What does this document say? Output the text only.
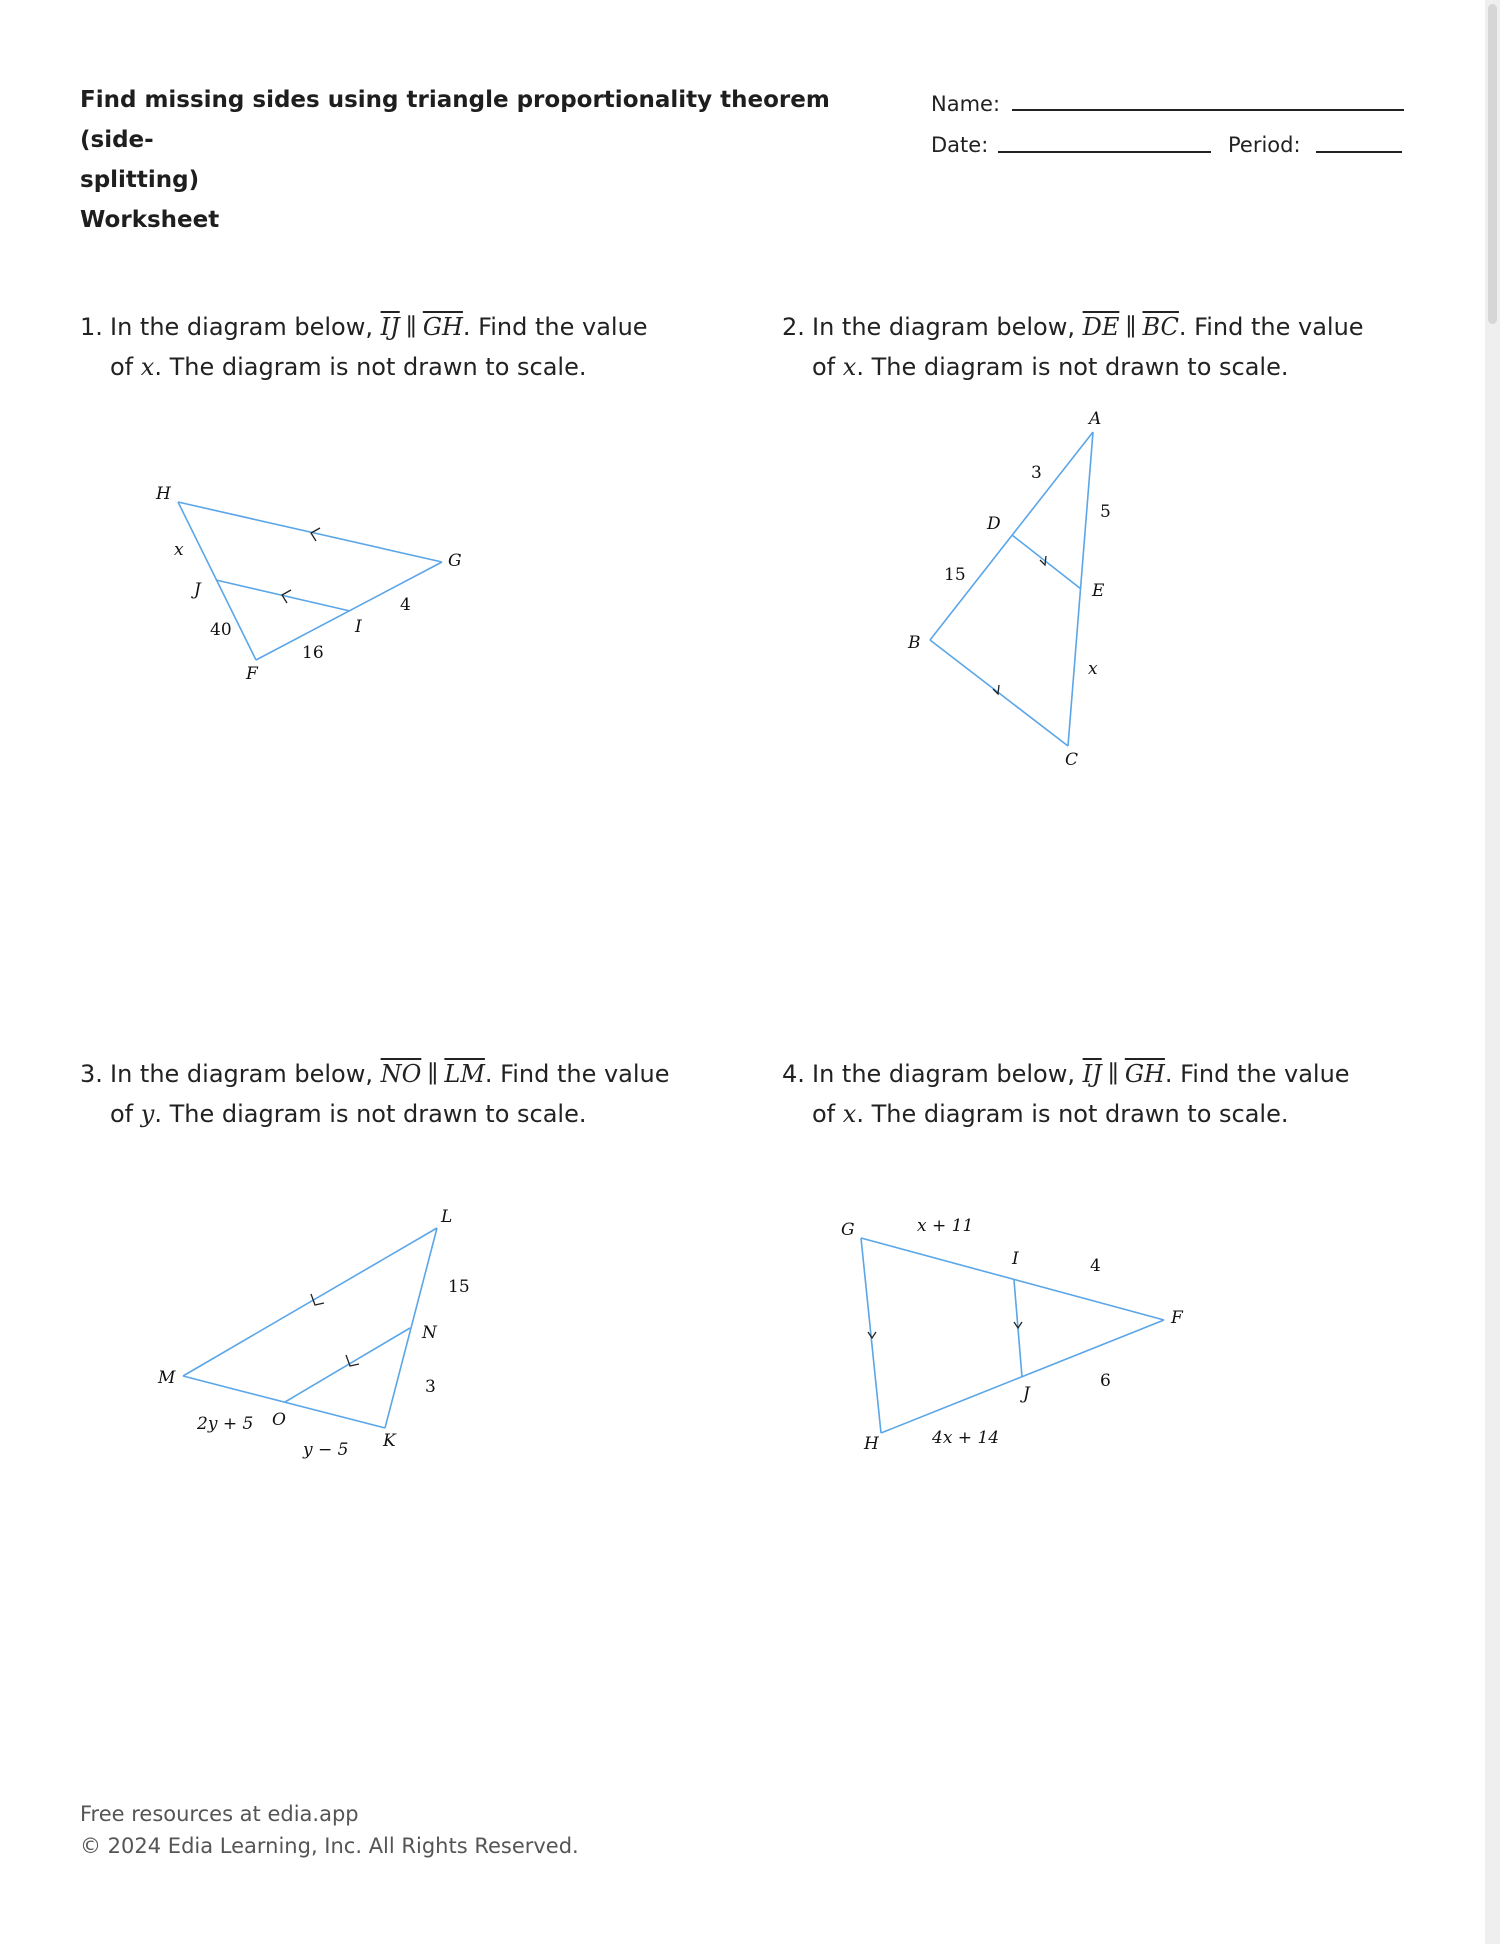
Find missing sides using triangle proportionality theorem (side-
splitting)
Worksheet
Name:
Date:	Period:
1. In the diagram below, $\overline{IJ}$ ∥ $\overline{GH}$. Find the value
of x. The diagram is not drawn to scale.
2. In the diagram below, $\overline{DE}$ ∥ $\overline{BC}$. Find the value
of x. The diagram is not drawn to scale.
3. In the diagram below, $\overline{NO}$ ∥ $\overline{LM}$. Find the value
of y. The diagram is not drawn to scale.
4. In the diagram below, $\overline{IJ}$ ∥ $\overline{GH}$. Find the value
of x. The diagram is not drawn to scale.
H
G
F
J
I
x
40
16
4
A
D
E
B
C
3
5
15
x
L
N
M
O
K
15
3
2y + 5
y − 5
G
I
F
J
H
x + 11
4
6
4x + 14
Free resources at edia.app
© 2024 Edia Learning, Inc. All Rights Reserved.
